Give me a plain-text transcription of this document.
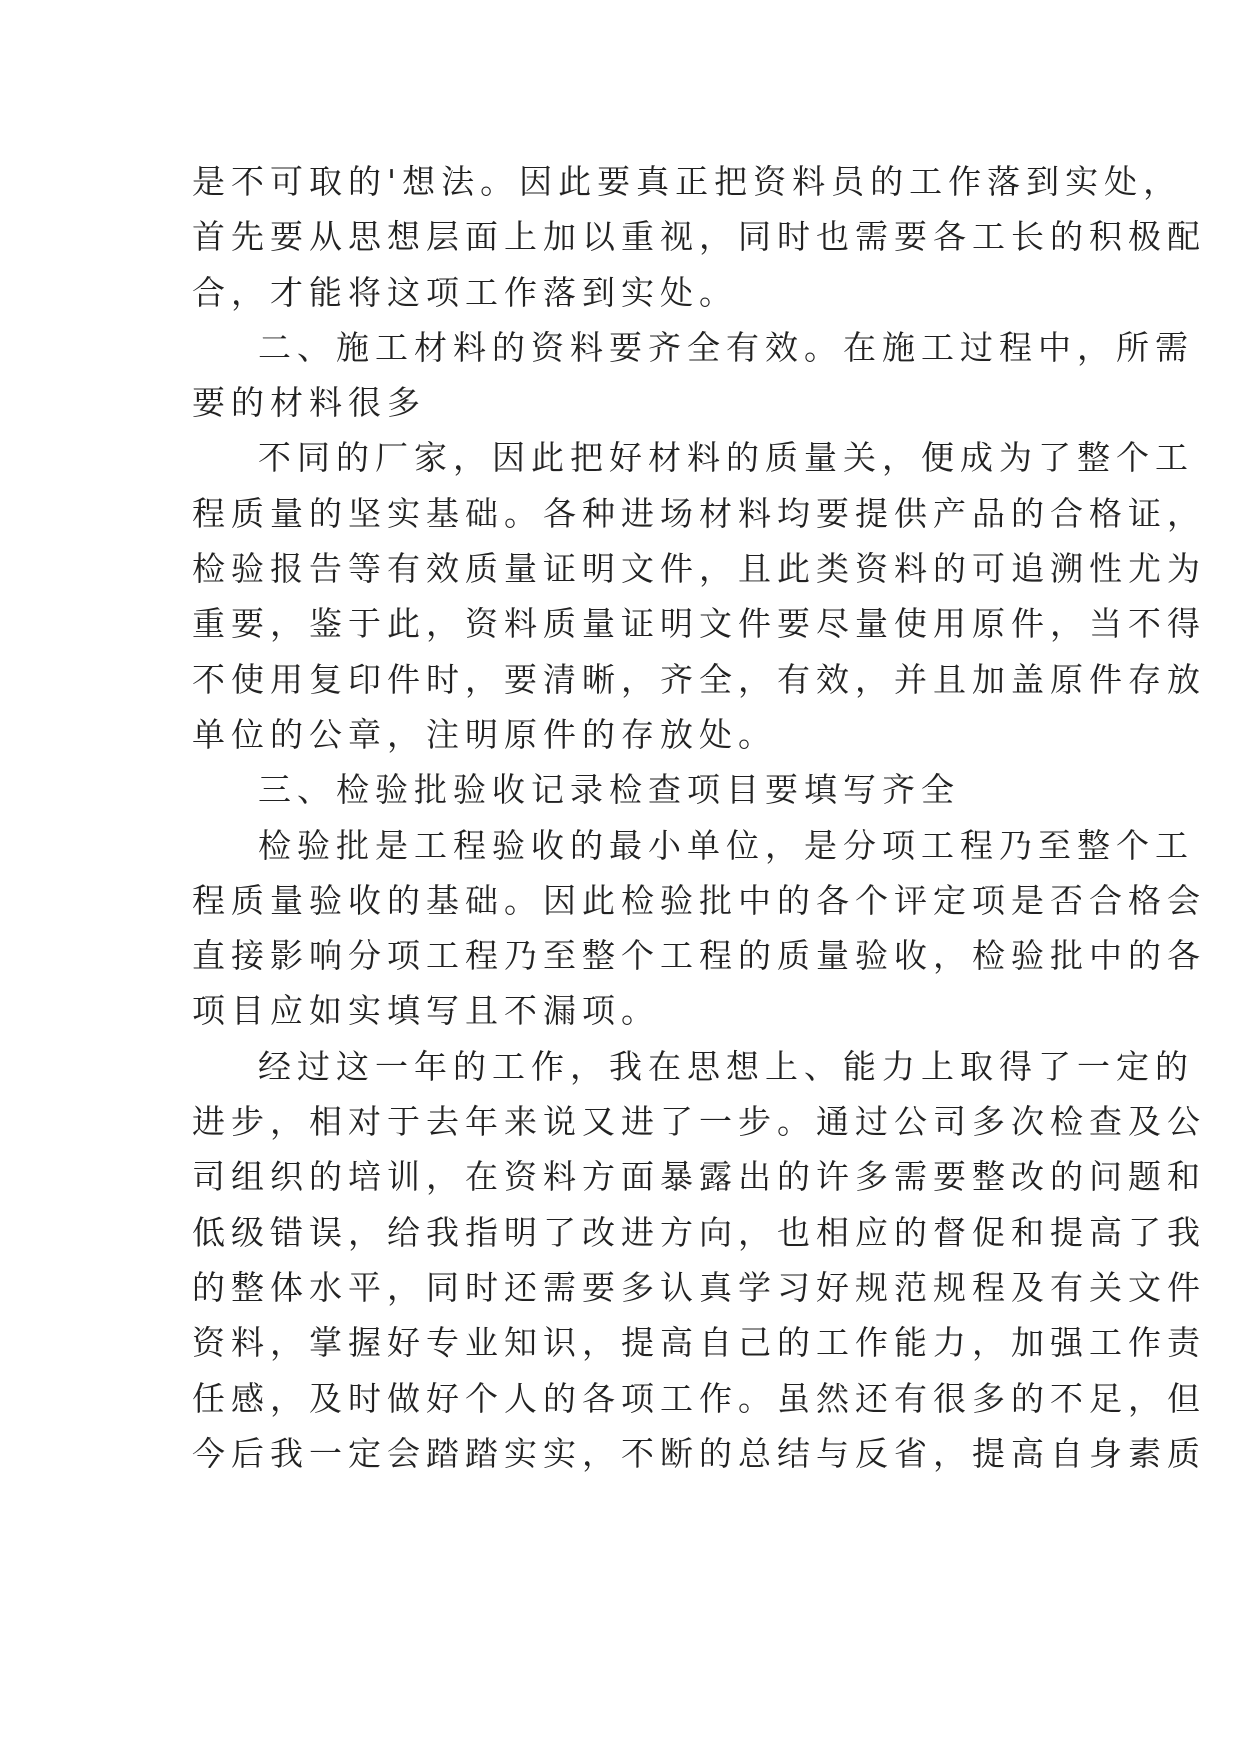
是不可取的'想法。因此要真正把资料员的工作落到实处，
首先要从思想层面上加以重视，同时也需要各工长的积极配
合，才能将这项工作落到实处。
二、施工材料的资料要齐全有效。在施工过程中，所需
要的材料很多
不同的厂家，因此把好材料的质量关，便成为了整个工
程质量的坚实基础。各种进场材料均要提供产品的合格证，
检验报告等有效质量证明文件，且此类资料的可追溯性尤为
重要，鉴于此，资料质量证明文件要尽量使用原件，当不得
不使用复印件时，要清晰，齐全，有效，并且加盖原件存放
单位的公章，注明原件的存放处。
三、检验批验收记录检查项目要填写齐全
检验批是工程验收的最小单位，是分项工程乃至整个工
程质量验收的基础。因此检验批中的各个评定项是否合格会
直接影响分项工程乃至整个工程的质量验收，检验批中的各
项目应如实填写且不漏项。
经过这一年的工作，我在思想上、能力上取得了一定的
进步，相对于去年来说又进了一步。通过公司多次检查及公
司组织的培训，在资料方面暴露出的许多需要整改的问题和
低级错误，给我指明了改进方向，也相应的督促和提高了我
的整体水平，同时还需要多认真学习好规范规程及有关文件
资料，掌握好专业知识，提高自己的工作能力，加强工作责
任感，及时做好个人的各项工作。虽然还有很多的不足，但
今后我一定会踏踏实实，不断的总结与反省，提高自身素质
